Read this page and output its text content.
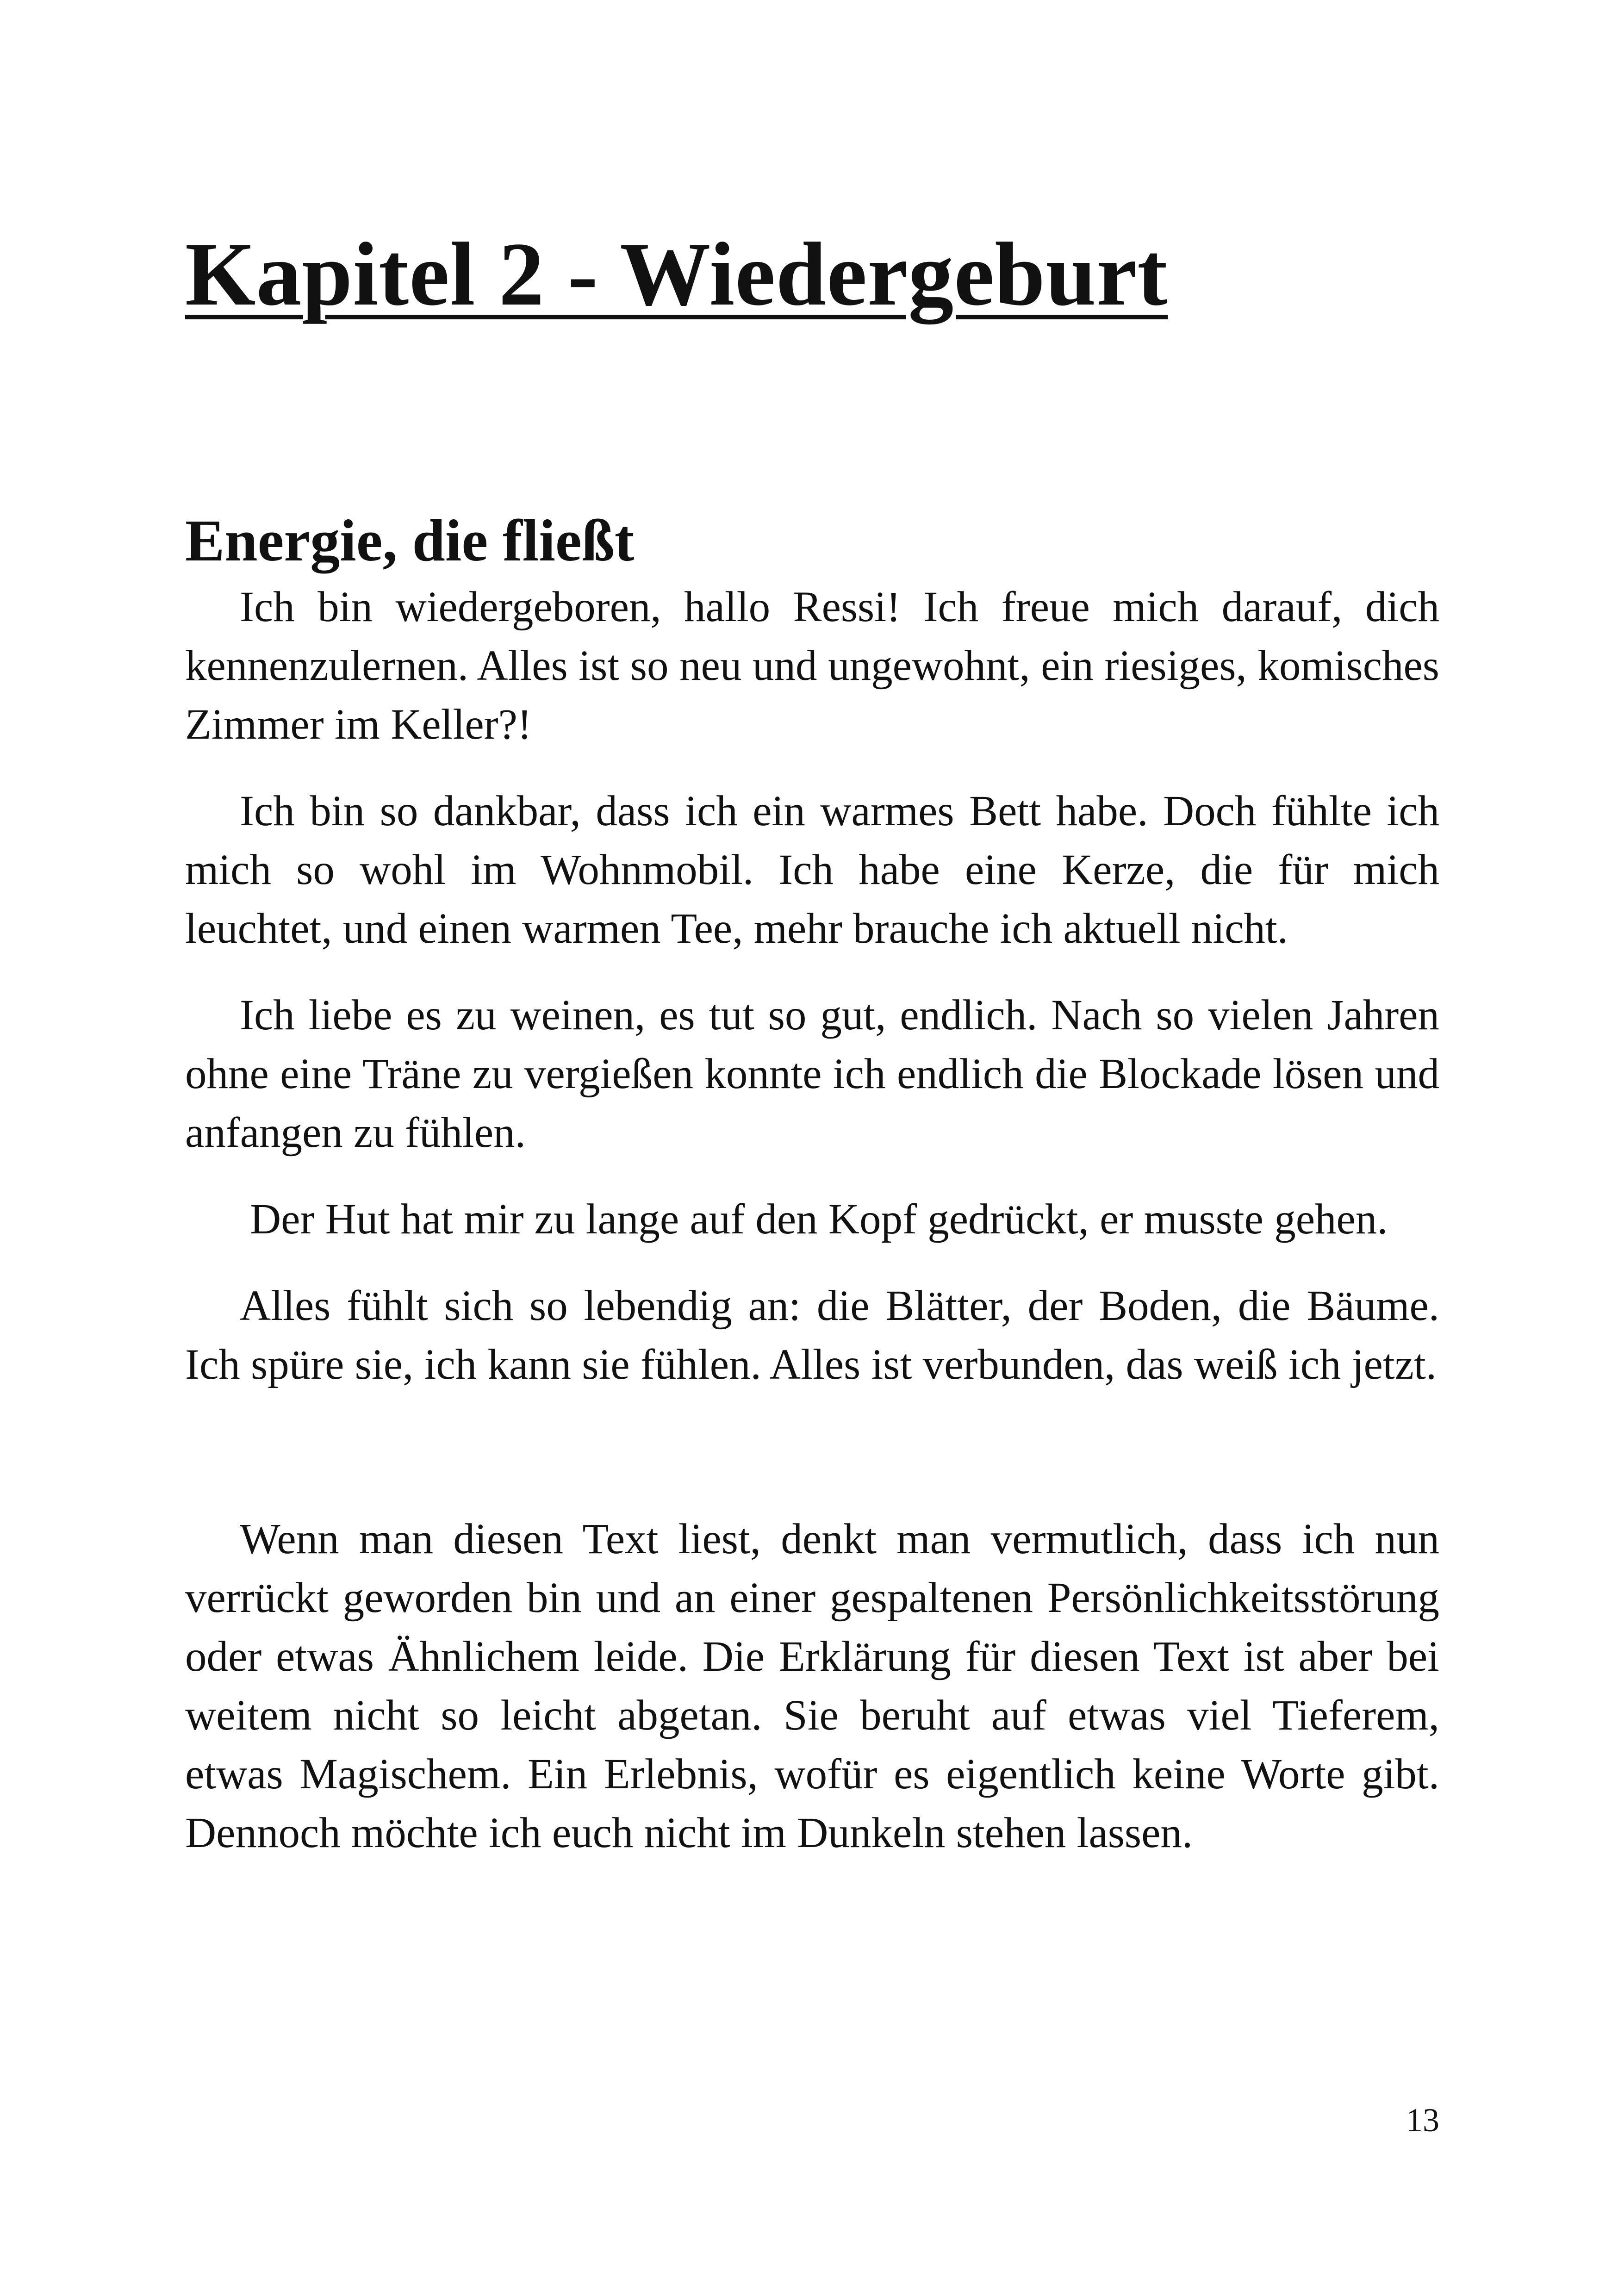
Kapitel 2 - Wiedergeburt
Energie, die fließt

Ich bin wiedergeboren, hallo Ressi! Ich freue mich darauf, dich kennenzulernen. Alles ist so neu und ungewohnt, ein riesiges, komisches Zimmer im Keller?!

Ich bin so dankbar, dass ich ein warmes Bett habe. Doch fühlte ich mich so wohl im Wohnmobil. Ich habe eine Kerze, die für mich leuchtet, und einen warmen Tee, mehr brauche ich aktuell nicht.

Ich liebe es zu weinen, es tut so gut, endlich. Nach so vielen Jahren ohne eine Träne zu vergießen konnte ich endlich die Blockade lösen und anfangen zu fühlen.

Der Hut hat mir zu lange auf den Kopf gedrückt, er musste gehen.

Alles fühlt sich so lebendig an: die Blätter, der Boden, die Bäume. Ich spüre sie, ich kann sie fühlen. Alles ist verbunden, das weiß ich jetzt.

Wenn man diesen Text liest, denkt man vermutlich, dass ich nun verrückt geworden bin und an einer gespaltenen Persönlichkeitsstörung oder etwas Ähnlichem leide. Die Erklärung für diesen Text ist aber bei weitem nicht so leicht abgetan. Sie beruht auf etwas viel Tieferem, etwas Magischem. Ein Erlebnis, wofür es eigentlich keine Worte gibt. Dennoch möchte ich euch nicht im Dunkeln stehen lassen.

13
